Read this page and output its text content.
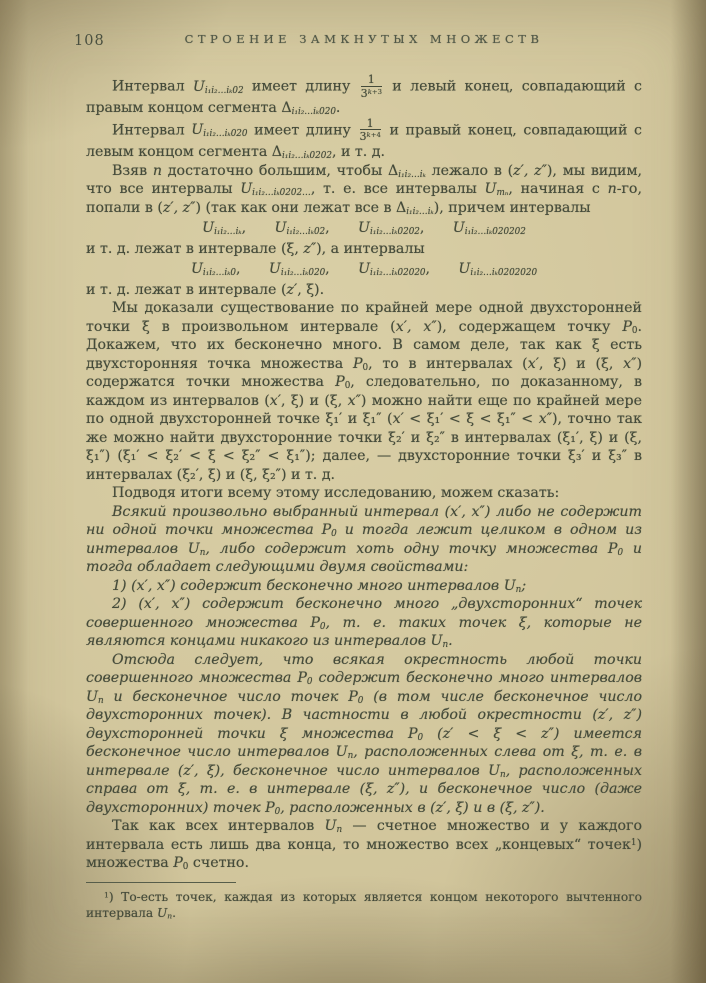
108	СТРОЕНИЕ ЗАМКНУТЫХ МНОЖЕСТВ

Интервал $U_{i_1i_2\dots i_k02}$ имеет длину $\frac{1}{3^{k+3}}$ и левый конец, совпадающий с правым концом сегмента $\Delta_{i_1i_2\dots i_k020}$.

Интервал $U_{i_1i_2\dots i_k020}$ имеет длину $\frac{1}{3^{k+4}}$ и правый конец, совпадающий с левым концом сегмента $\Delta_{i_1i_2\dots i_k0202}$, и т. д.

Взяв n достаточно большим, чтобы $\Delta_{i_1i_2\dots i_k}$ лежало в (z′, z″), мы видим, что все интервалы $U_{i_1i_2\dots i_k0202\dots}$, т. е. все интервалы $U_{m_n}$, начиная с n-го, попали в (z′, z″) (так как они лежат все в $\Delta_{i_1i_2\dots i_k}$), причем интервалы

$U_{i_1i_2\dots i_k}$,  $U_{i_1i_2\dots i_k02}$,  $U_{i_1i_2\dots i_k0202}$,  $U_{i_1i_2\dots i_k020202}$

и т. д. лежат в интервале (ξ, z″), а интервалы

$U_{i_1i_2\dots i_k0}$,  $U_{i_1i_2\dots i_k020}$,  $U_{i_1i_2\dots i_k02020}$,  $U_{i_1i_2\dots i_k0202020}$

и т. д. лежат в интервале (z′, ξ).

Мы доказали существование по крайней мере одной двухсторонней точки ξ в произвольном интервале (x′, x″), содержащем точку $P_0$. Докажем, что их бесконечно много. В самом деле, так как ξ есть двухсторонняя точка множества $P_0$, то в интервалах (x′, ξ) и (ξ, x″) содержатся точки множества $P_0$, следовательно, по доказанному, в каждом из интервалов (x′, ξ) и (ξ, x″) можно найти еще по крайней мере по одной двухсторонней точке ξ₁′ и ξ₁″ (x′ < ξ₁′ < ξ < ξ₁″ < x″), точно так же можно найти двухсторонние точки ξ₂′ и ξ₂″ в интервалах (ξ₁′, ξ) и (ξ, ξ₁″) (ξ₁′ < ξ₂′ < ξ < ξ₂″ < ξ₁″); далее, — двухсторонние точки ξ₃′ и ξ₃″ в интервалах (ξ₂′, ξ) и (ξ, ξ₂″) и т. д.

Подводя итоги всему этому исследованию, можем сказать:

Всякий произвольно выбранный интервал (x′, x″) либо не содержит ни одной точки множества $P_0$ и тогда лежит целиком в одном из интервалов $U_n$, либо содержит хоть одну точку множества $P_0$ и тогда обладает следующими двумя свойствами:

1) (x′, x″) содержит бесконечно много интервалов $U_n$;

2) (x′, x″) содержит бесконечно много „двухсторонних“ точек совершенного множества $P_0$, т. е. таких точек ξ, которые не являются концами никакого из интервалов $U_n$.

Отсюда следует, что всякая окрестность любой точки совершенного множества $P_0$ содержит бесконечно много интервалов $U_n$ и бесконечное число точек $P_0$ (в том числе бесконечное число двухсторонних точек). В частности в любой окрестности (z′, z″) двухсторонней точки ξ множества $P_0$ (z′ < ξ < z″) имеется бесконечное число интервалов $U_n$, расположенных слева от ξ, т. е. в интервале (z′, ξ), бесконечное число интервалов $U_n$, расположенных справа от ξ, т. е. в интервале (ξ, z″), и бесконечное число (даже двухсторонних) точек $P_0$, расположенных в (z′, ξ) и в (ξ, z″).

Так как всех интервалов $U_n$ — счетное множество и у каждого интервала есть лишь два конца, то множество всех „концевых“ точек$^1$) множества $P_0$ счетно.

$^1$) То-есть точек, каждая из которых является концом некоторого вычтенного интервала $U_n$.
